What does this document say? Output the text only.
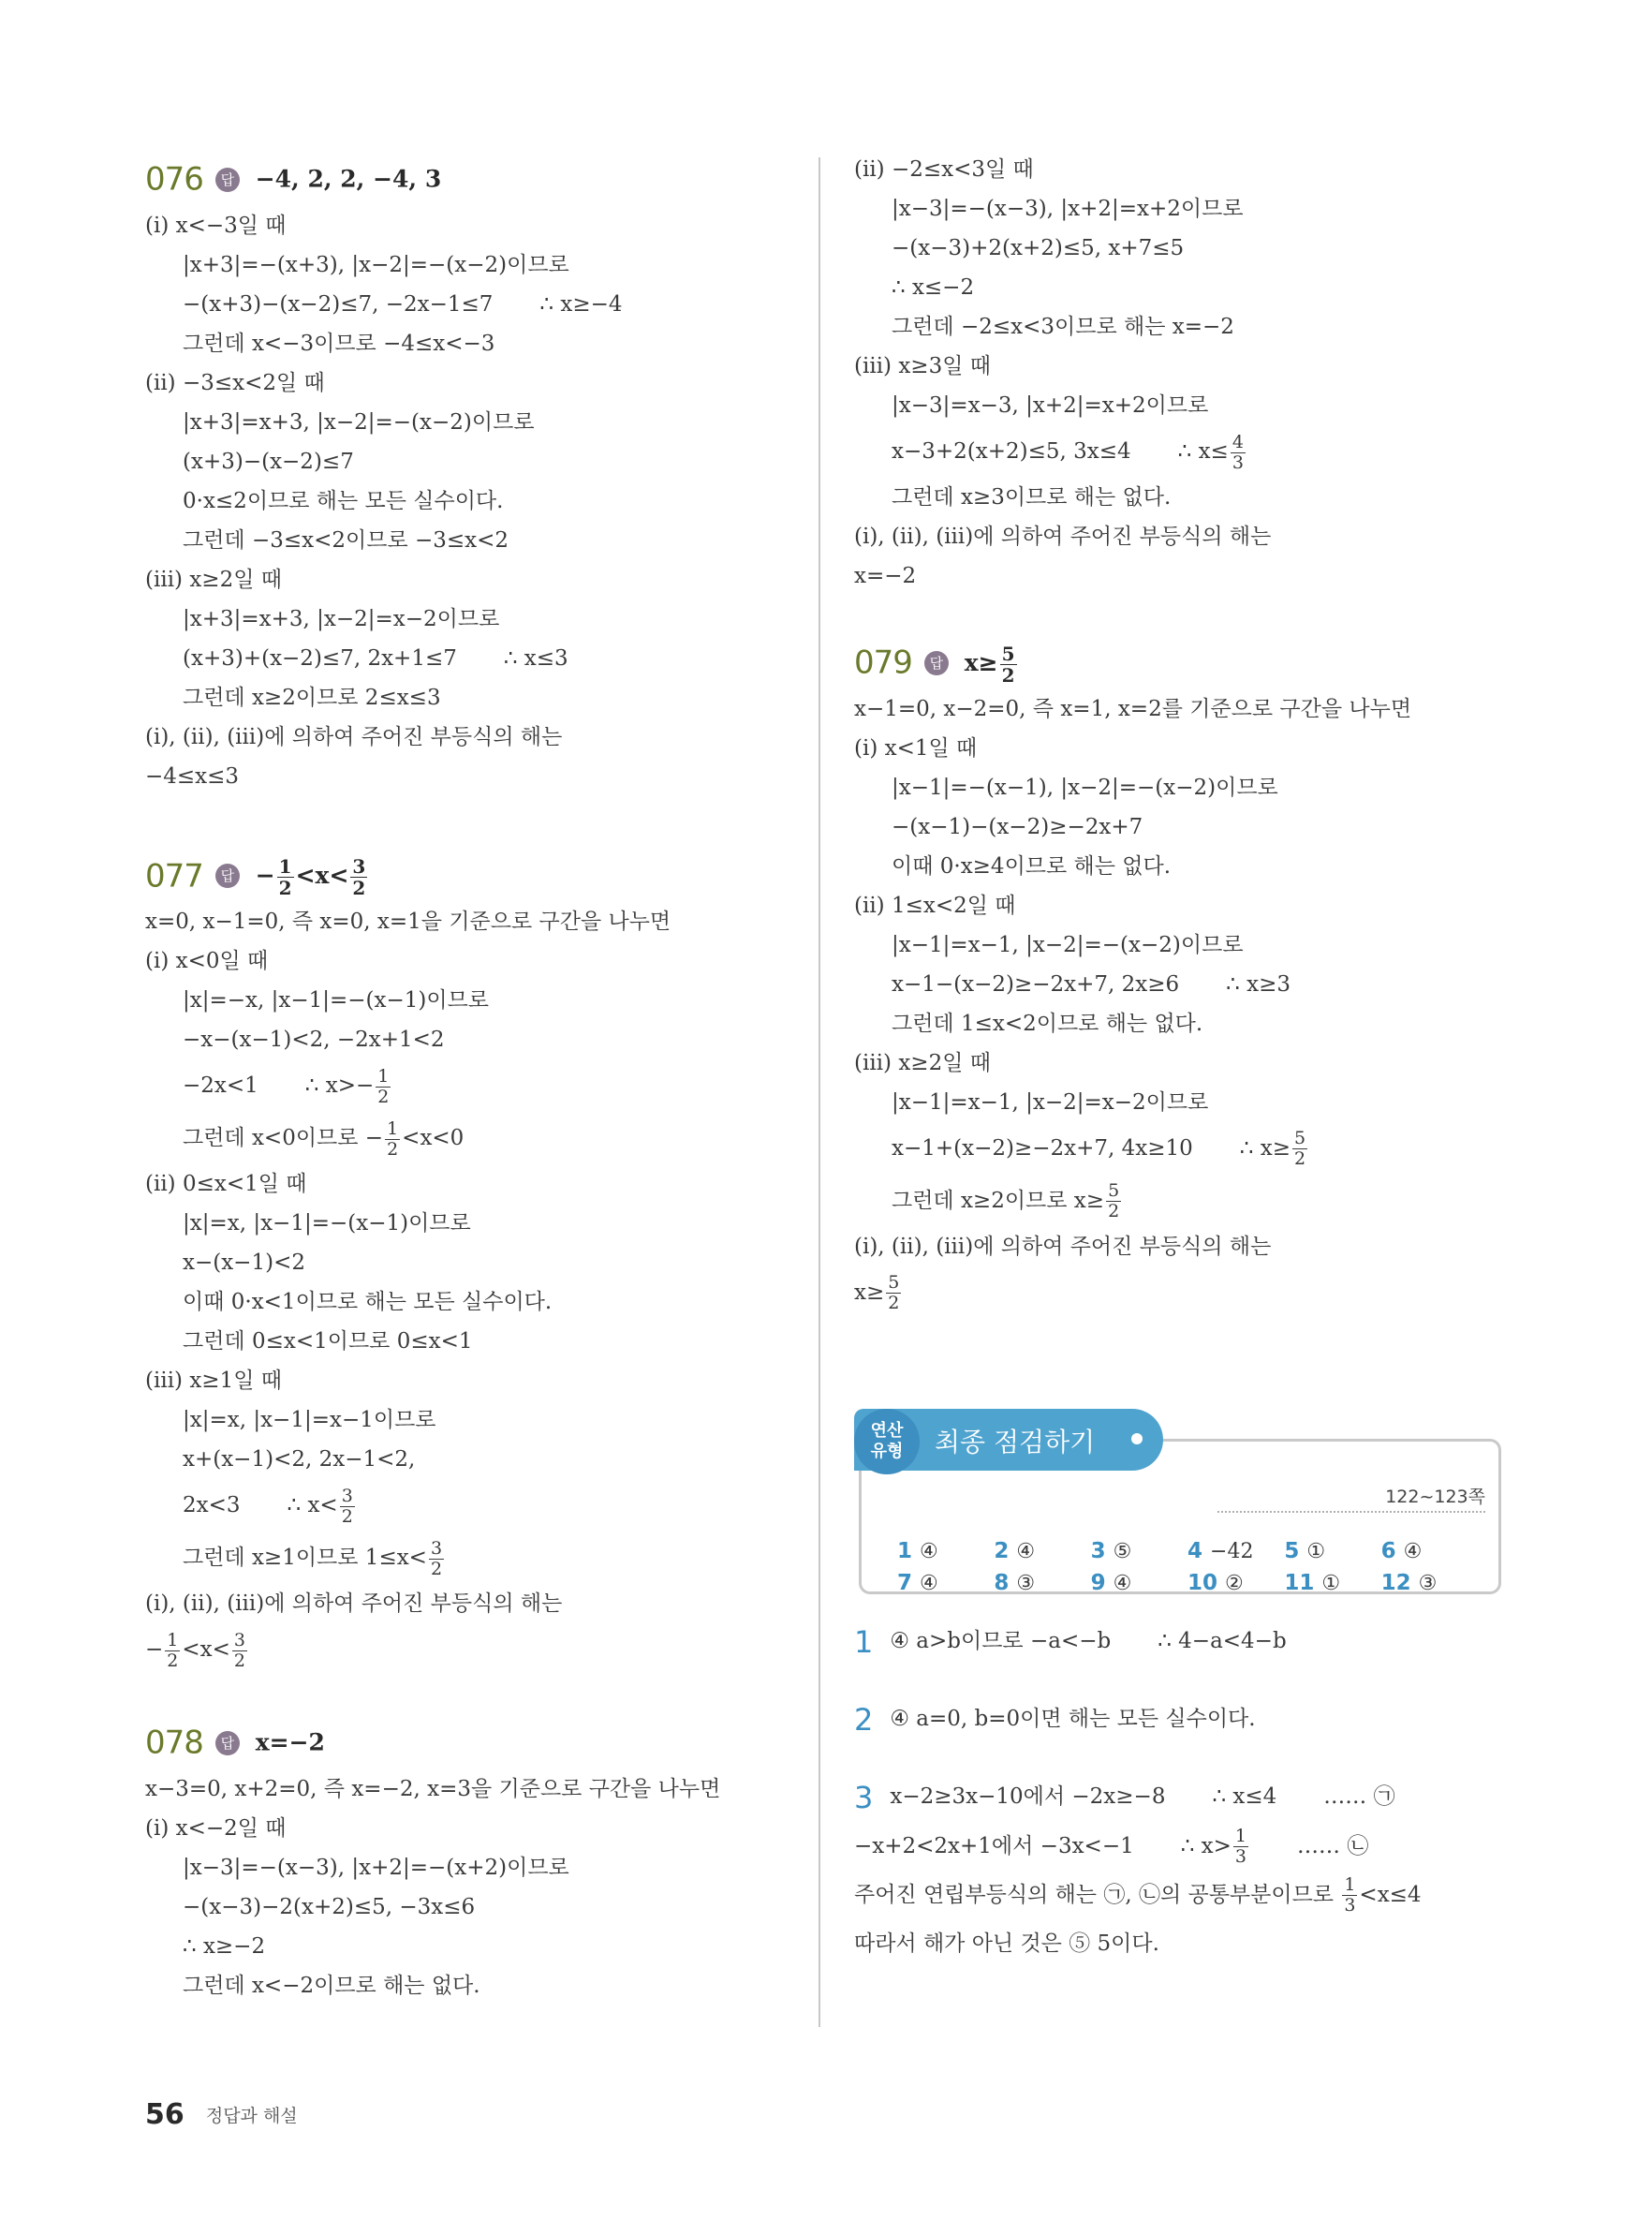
076 답 −4, 2, 2, −4, 3
(ⅰ) x<−3일 때
|x+3|=−(x+3), |x−2|=−(x−2)이므로
−(x+3)−(x−2)≤7, −2x−1≤7 ∴ x≥−4
그런데 x<−3이므로 −4≤x<−3
(ⅱ) −3≤x<2일 때
|x+3|=x+3, |x−2|=−(x−2)이므로
(x+3)−(x−2)≤7
0·x≤2이므로 해는 모든 실수이다.
그런데 −3≤x<2이므로 −3≤x<2
(ⅲ) x≥2일 때
|x+3|=x+3, |x−2|=x−2이므로
(x+3)+(x−2)≤7, 2x+1≤7 ∴ x≤3
그런데 x≥2이므로 2≤x≤3
(ⅰ), (ⅱ), (ⅲ)에 의하여 주어진 부등식의 해는
−4≤x≤3
077 답 − $\frac{1}{2} <x< \frac{3}{2}$
x=0, x−1=0, 즉 x=0, x=1을 기준으로 구간을 나누면
(ⅰ) x<0일 때
|x|=−x, |x−1|=−(x−1)이므로
−x−(x−1)<2, −2x+1<2
−2x<1 ∴ $x>- \frac{1}{2}$
그런데 x<0이므로 − $\frac{1}{2} <x<0$
(ⅱ) 0≤x<1일 때
|x|=x, |x−1|=−(x−1)이므로
x−(x−1)<2
이때 0·x<1이므로 해는 모든 실수이다.
그런데 0≤x<1이므로 0≤x<1
(ⅲ) x≥1일 때
|x|=x, |x−1|=x−1이므로
x+(x−1)<2, 2x−1<2,
2x<3 ∴ $x< \frac{3}{2}$
그런데 x≥1이므로 $1\le x< \frac{3}{2}$
(ⅰ), (ⅱ), (ⅲ)에 의하여 주어진 부등식의 해는
− $\frac{1}{2} <x< \frac{3}{2}$
078 답 x=−2
x−3=0, x+2=0, 즉 x=−2, x=3을 기준으로 구간을 나누면
(ⅰ) x<−2일 때
|x−3|=−(x−3), |x+2|=−(x+2)이므로
−(x−3)−2(x+2)≤5, −3x≤6
∴ x≥−2
그런데 x<−2이므로 해는 없다.
(ⅱ) −2≤x<3일 때
|x−3|=−(x−3), |x+2|=x+2이므로
−(x−3)+2(x+2)≤5, x+7≤5
∴ x≤−2
그런데 −2≤x<3이므로 해는 x=−2
(ⅲ) x≥3일 때
|x−3|=x−3, |x+2|=x+2이므로
x−3+2(x+2)≤5, 3x≤4 ∴ $x\le \frac{4}{3}$
그런데 x≥3이므로 해는 없다.
(ⅰ), (ⅱ), (ⅲ)에 의하여 주어진 부등식의 해는
x=−2
079 답 $x\ge \frac{5}{2}$
x−1=0, x−2=0, 즉 x=1, x=2를 기준으로 구간을 나누면
(ⅰ) x<1일 때
|x−1|=−(x−1), |x−2|=−(x−2)이므로
−(x−1)−(x−2)≥−2x+7
이때 0·x≥4이므로 해는 없다.
(ⅱ) 1≤x<2일 때
|x−1|=x−1, |x−2|=−(x−2)이므로
x−1−(x−2)≥−2x+7, 2x≥6 ∴ x≥3
그런데 1≤x<2이므로 해는 없다.
(ⅲ) x≥2일 때
|x−1|=x−1, |x−2|=x−2이므로
x−1+(x−2)≥−2x+7, 4x≥10 ∴ $x\ge \frac{5}{2}$
그런데 x≥2이므로 $x\ge \frac{5}{2}$
(ⅰ), (ⅱ), (ⅲ)에 의하여 주어진 부등식의 해는
$x\ge \frac{5}{2}$
122~123쪽
1 ④	2 ④	3 ⑤	4 −42	5 ①	6 ④
7 ④	8 ③	9 ④	10 ②	11 ①	12 ③
연산
유형	최종 점검하기
1 ④ a>b이므로 −a<−b ∴ 4−a<4−b
2 ④ a=0, b=0이면 해는 모든 실수이다.
3 x−2≥3x−10에서 −2x≥−8 ∴ x≤4 …… ㉠
−x+2<2x+1에서 −3x<−1 ∴ $x> \frac{1}{3}$ …… ㉡
주어진 연립부등식의 해는 ㉠, ㉡의 공통부분이므로 $\frac{1}{3} <x\le 4$
따라서 해가 아닌 것은 ⑤ 5이다.
56 정답과 해설
